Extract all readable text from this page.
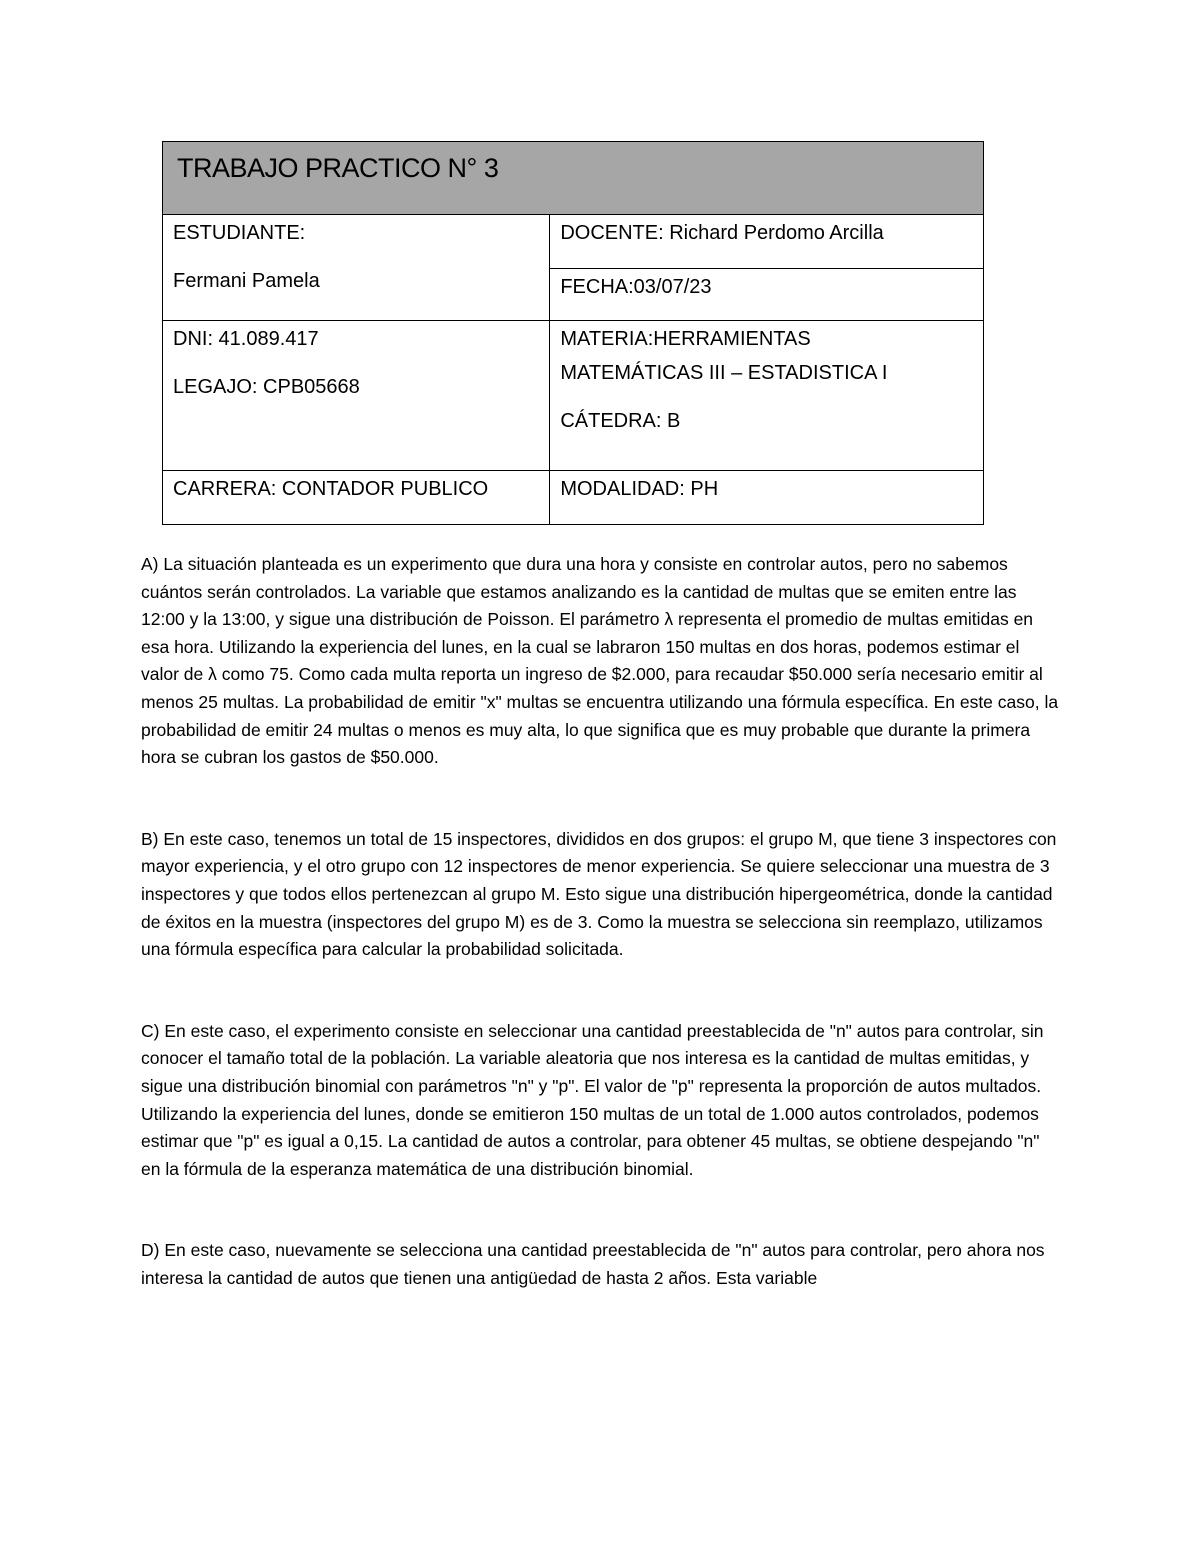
TRABAJO PRACTICO N° 3	

ESTUDIANTE:
Fermani Pamela	DOCENTE: Richard Perdomo Arcilla

	FECHA:03/07/23

DNI: 41.089.417
LEGAJO: CPB05668	MATERIA:HERRAMIENTAS
MATEMÁTICAS III – ESTADISTICA I
CÁTEDRA: B

CARRERA: CONTADOR PUBLICO	MODALIDAD: PH

A) La situación planteada es un experimento que dura una hora y consiste en controlar autos, pero no sabemos cuántos serán controlados. La variable que estamos analizando es la cantidad de multas que se emiten entre las 12:00 y la 13:00, y sigue una distribución de Poisson. El parámetro λ representa el promedio de multas emitidas en esa hora. Utilizando la experiencia del lunes, en la cual se labraron 150 multas en dos horas, podemos estimar el valor de λ como 75. Como cada multa reporta un ingreso de $2.000, para recaudar $50.000 sería necesario emitir al menos 25 multas. La probabilidad de emitir "x" multas se encuentra utilizando una fórmula específica. En este caso, la probabilidad de emitir 24 multas o menos es muy alta, lo que significa que es muy probable que durante la primera hora se cubran los gastos de $50.000.

B) En este caso, tenemos un total de 15 inspectores, divididos en dos grupos: el grupo M, que tiene 3 inspectores con mayor experiencia, y el otro grupo con 12 inspectores de menor experiencia. Se quiere seleccionar una muestra de 3 inspectores y que todos ellos pertenezcan al grupo M. Esto sigue una distribución hipergeométrica, donde la cantidad de éxitos en la muestra (inspectores del grupo M) es de 3. Como la muestra se selecciona sin reemplazo, utilizamos una fórmula específica para calcular la probabilidad solicitada.

C) En este caso, el experimento consiste en seleccionar una cantidad preestablecida de "n" autos para controlar, sin conocer el tamaño total de la población. La variable aleatoria que nos interesa es la cantidad de multas emitidas, y sigue una distribución binomial con parámetros "n" y "p". El valor de "p" representa la proporción de autos multados. Utilizando la experiencia del lunes, donde se emitieron 150 multas de un total de 1.000 autos controlados, podemos estimar que "p" es igual a 0,15. La cantidad de autos a controlar, para obtener 45 multas, se obtiene despejando "n" en la fórmula de la esperanza matemática de una distribución binomial.

D) En este caso, nuevamente se selecciona una cantidad preestablecida de "n" autos para controlar, pero ahora nos interesa la cantidad de autos que tienen una antigüedad de hasta 2 años. Esta variable
